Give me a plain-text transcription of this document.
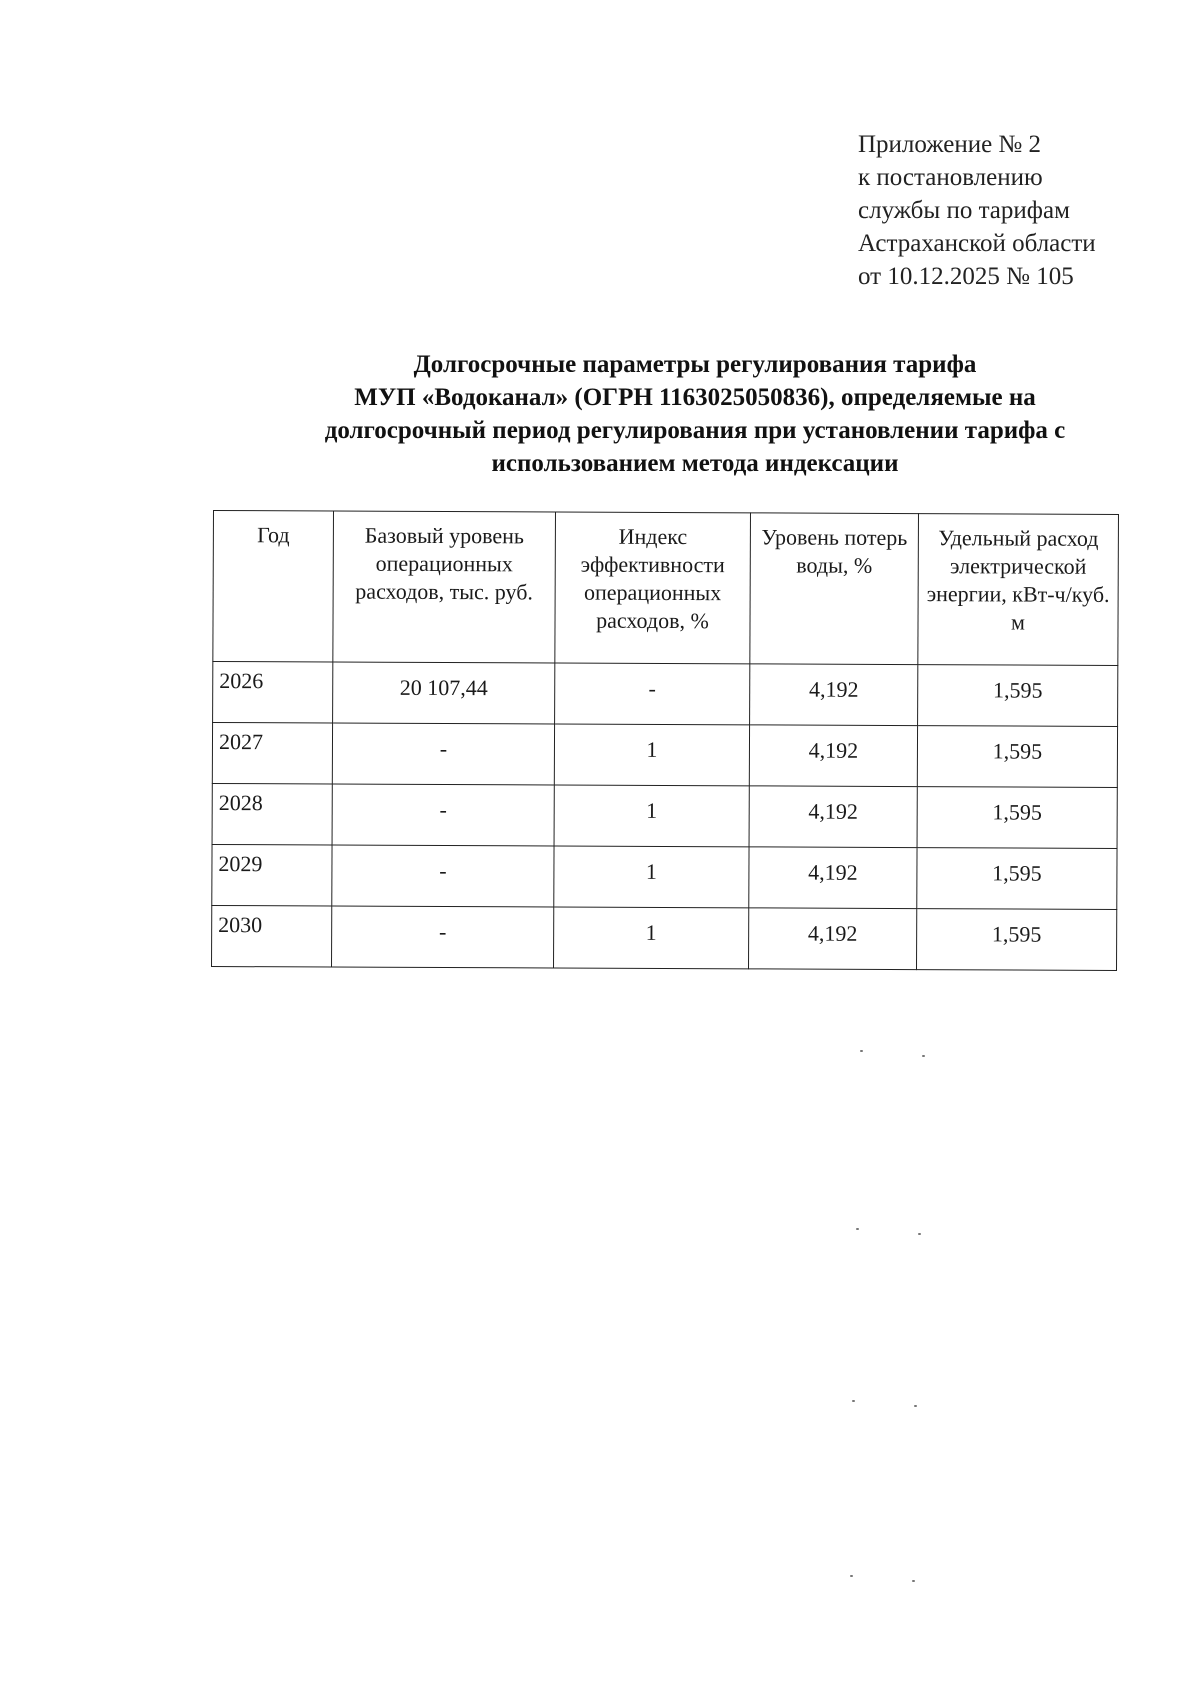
Приложение № 2
к постановлению
службы по тарифам
Астраханской области
от 10.12.2025 № 105
Долгосрочные параметры регулирования тарифа
МУП «Водоканал» (ОГРН 1163025050836), определяемые на
долгосрочный период регулирования при установлении тарифа с
использованием метода индексации
Год	Базовый уровень операционных расходов, тыс. руб.	Индекс эффективности операционных расходов, %	Уровень потерь воды, %	Удельный расход электрической энергии, кВт-ч/куб. м
2026	20 107,44	-	4,192	1,595
2027	-	1	4,192	1,595
2028	-	1	4,192	1,595
2029	-	1	4,192	1,595
2030	-	1	4,192	1,595
